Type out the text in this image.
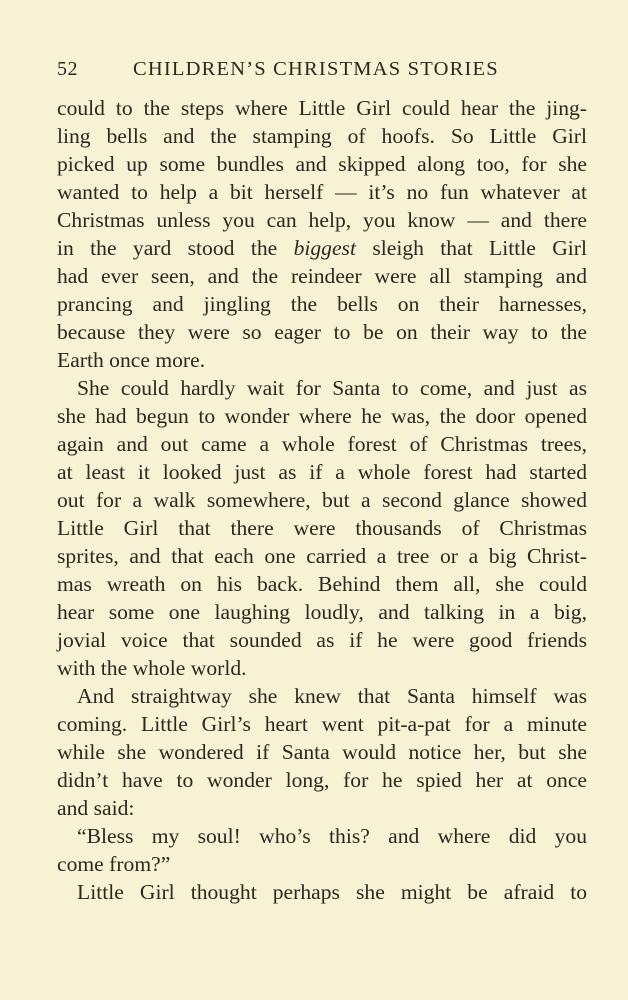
52	CHILDREN’S CHRISTMAS STORIES
could to the steps where Little Girl could hear the jing-
ling bells and the stamping of hoofs. So Little Girl
picked up some bundles and skipped along too, for she
wanted to help a bit herself — it’s no fun whatever at
Christmas unless you can help, you know — and there
in the yard stood the biggest sleigh that Little Girl
had ever seen, and the reindeer were all stamping and
prancing and jingling the bells on their harnesses,
because they were so eager to be on their way to the
Earth once more.
She could hardly wait for Santa to come, and just as
she had begun to wonder where he was, the door opened
again and out came a whole forest of Christmas trees,
at least it looked just as if a whole forest had started
out for a walk somewhere, but a second glance showed
Little Girl that there were thousands of Christmas
sprites, and that each one carried a tree or a big Christ-
mas wreath on his back. Behind them all, she could
hear some one laughing loudly, and talking in a big,
jovial voice that sounded as if he were good friends
with the whole world.
And straightway she knew that Santa himself was
coming. Little Girl’s heart went pit-a-pat for a minute
while she wondered if Santa would notice her, but she
didn’t have to wonder long, for he spied her at once
and said:
“Bless my soul! who’s this? and where did you
come from?”
Little Girl thought perhaps she might be afraid to
